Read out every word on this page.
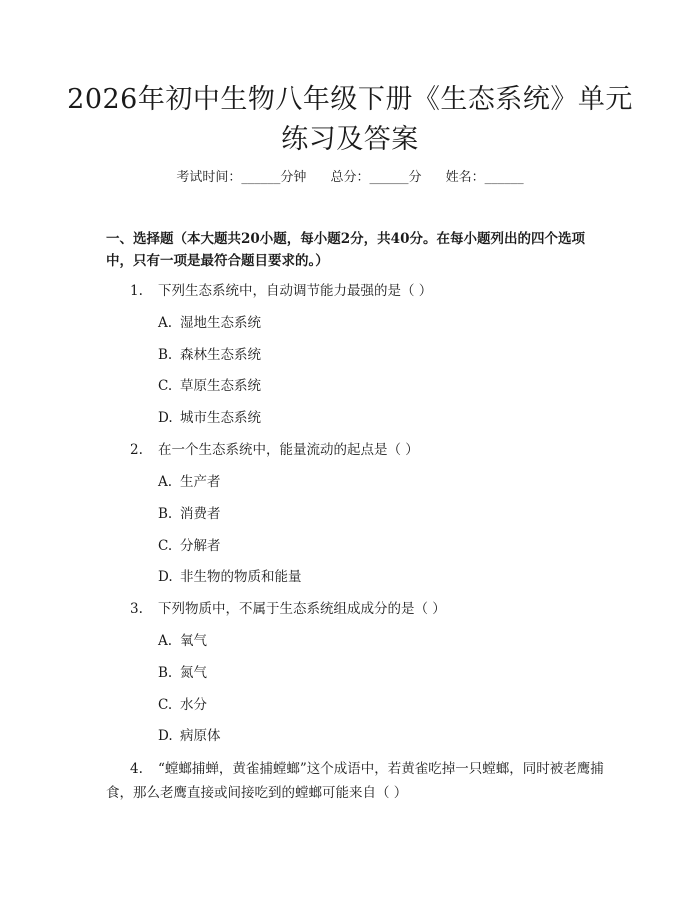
2026年初中生物八年级下册《生态系统》单元练习及答案
考试时间：______分钟 总分：______分 姓名：______
一、选择题（本大题共20小题，每小题2分，共40分。在每小题列出的四个选项中，只有一项是最符合题目要求的。）
1. 下列生态系统中，自动调节能力最强的是（ ）
A. 湿地生态系统
B. 森林生态系统
C. 草原生态系统
D. 城市生态系统
2. 在一个生态系统中，能量流动的起点是（ ）
A. 生产者
B. 消费者
C. 分解者
D. 非生物的物质和能量
3. 下列物质中，不属于生态系统组成成分的是（ ）
A. 氧气
B. 氮气
C. 水分
D. 病原体
4. “螳螂捕蝉，黄雀捕螳螂”这个成语中，若黄雀吃掉一只螳螂，同时被老鹰捕食，那么老鹰直接或间接吃到的螳螂可能来自（ ）
